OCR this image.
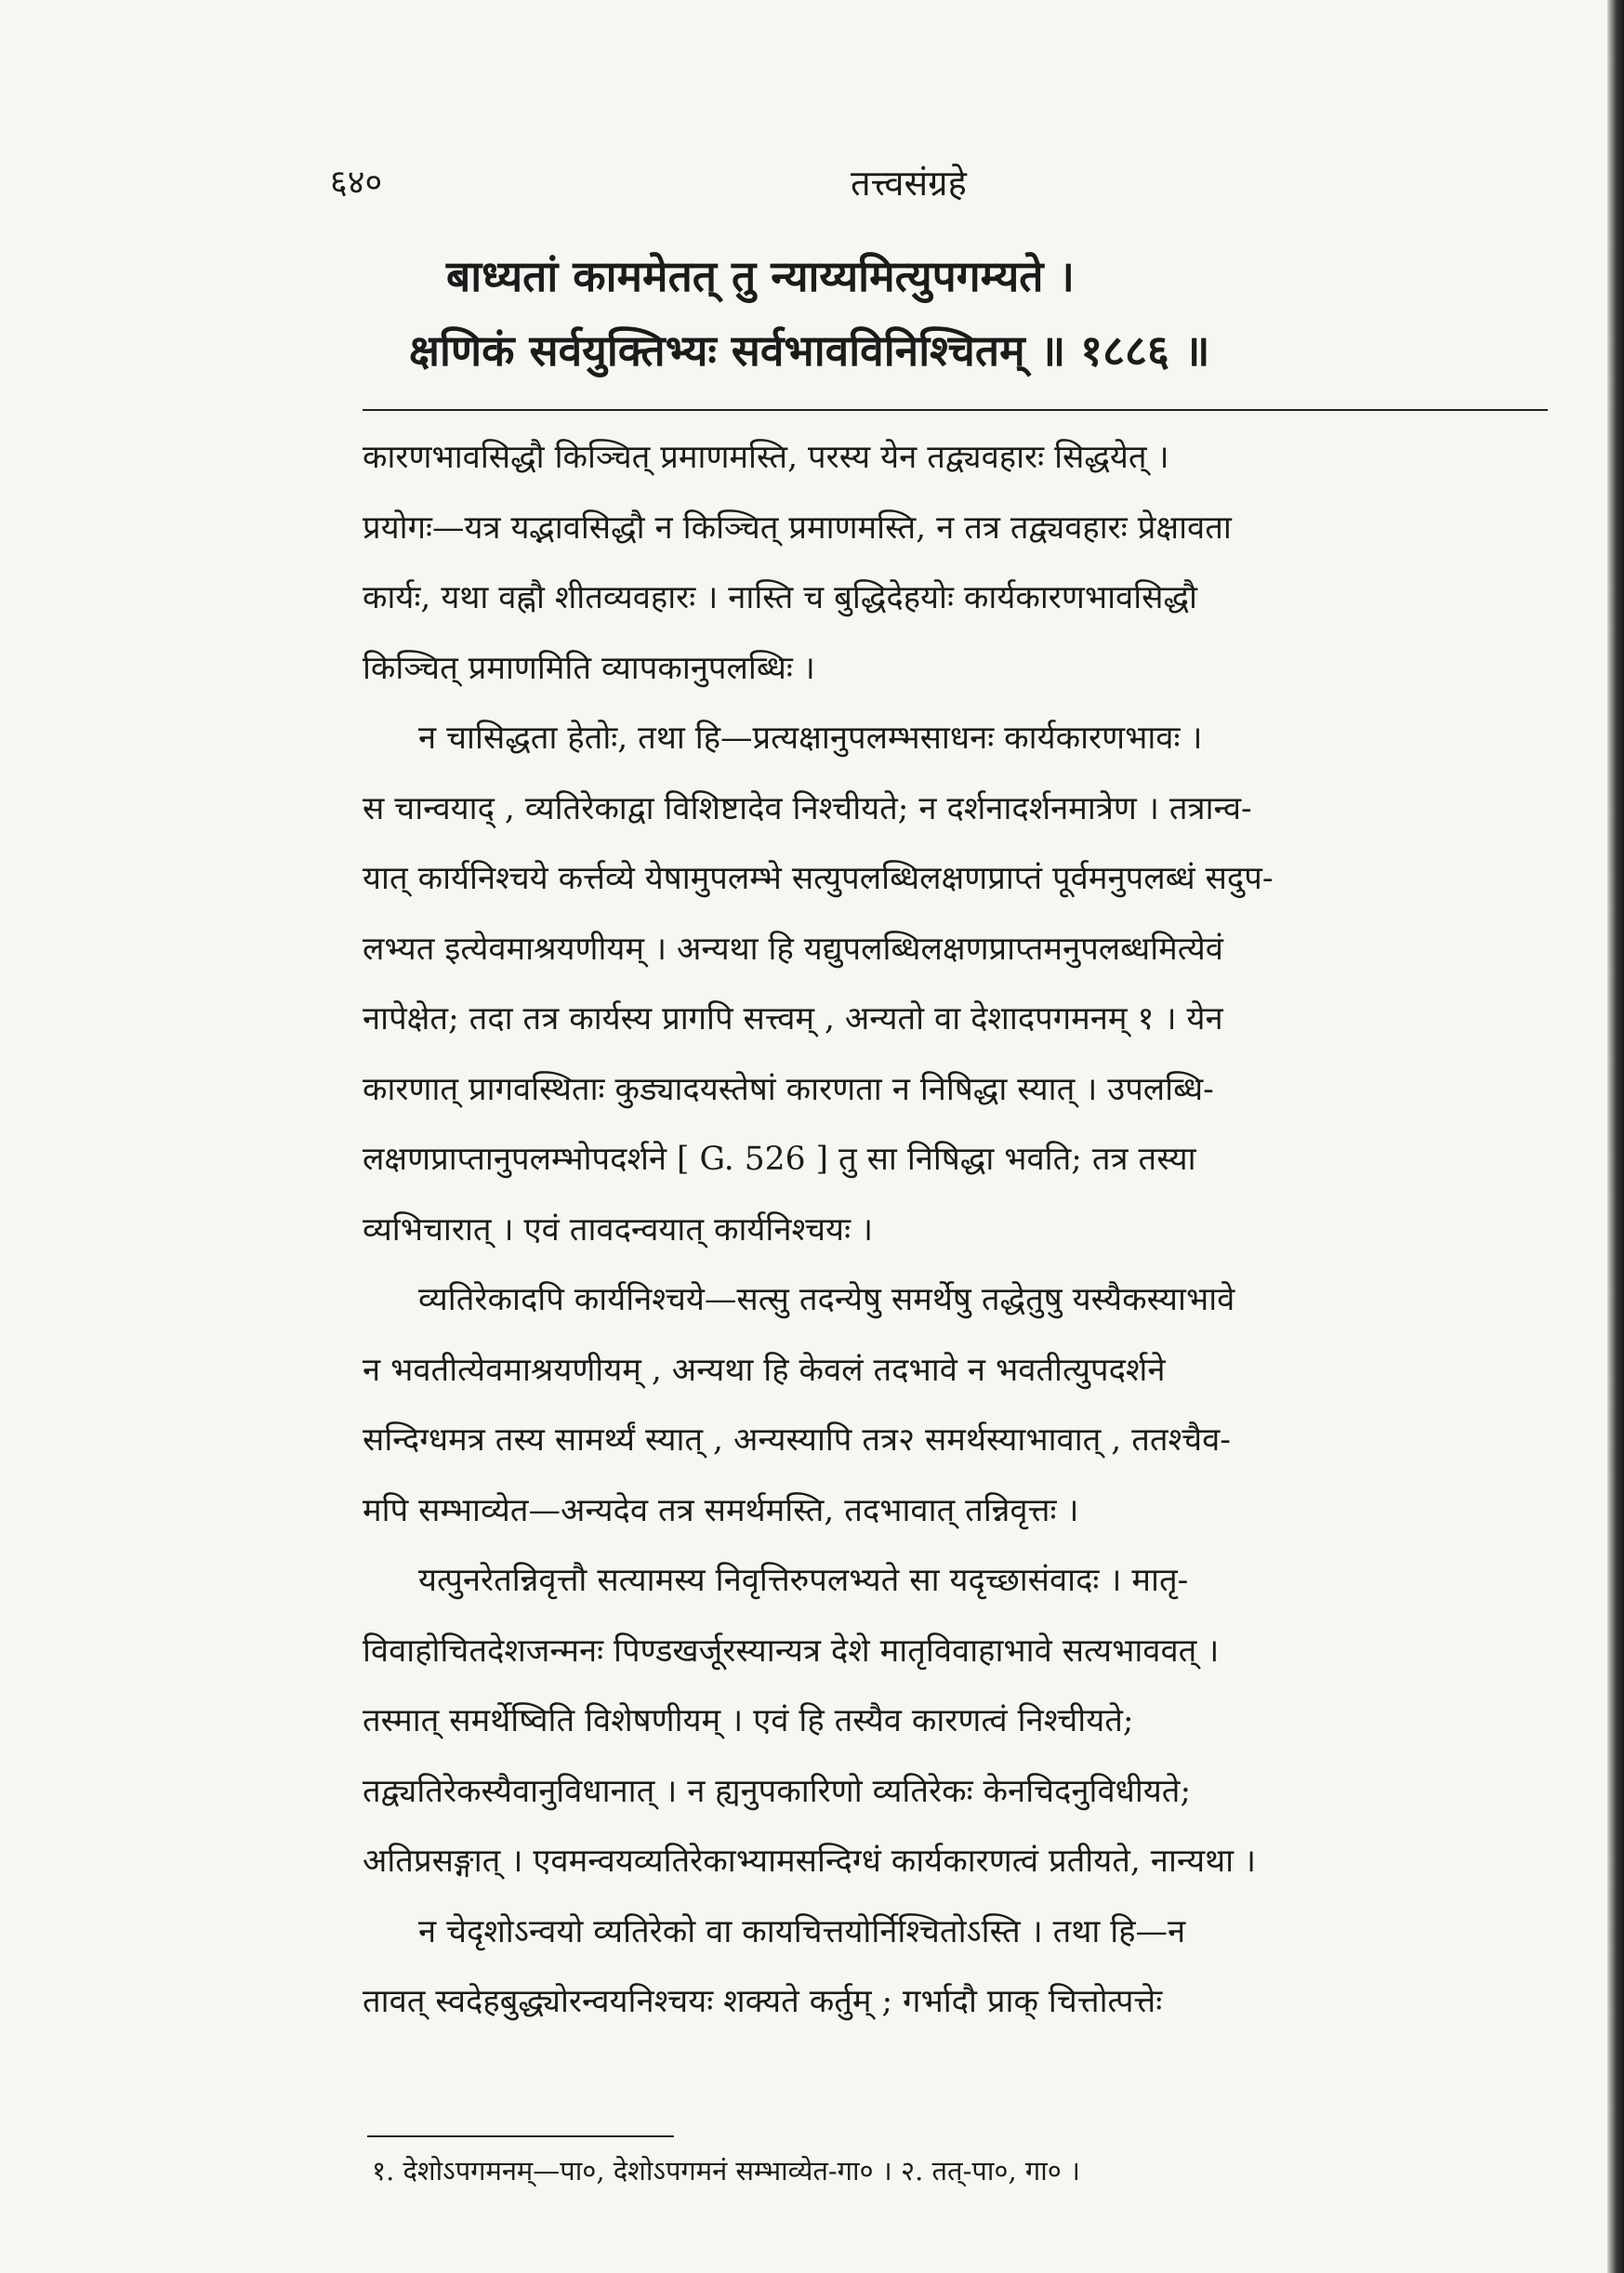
६४०	तत्त्वसंग्रहे
बाध्यतां काममेतत् तु न्याय्यमित्युपगम्यते ।
क्षणिकं सर्वयुक्तिभ्यः सर्वभावविनिश्चितम् ॥ १८८६ ॥
कारणभावसिद्धौ किञ्चित् प्रमाणमस्ति, परस्य येन तद्व्यवहारः सिद्धयेत् ।
प्रयोगः—यत्र यद्भावसिद्धौ न किञ्चित् प्रमाणमस्ति, न तत्र तद्व्यवहारः प्रेक्षावता
कार्यः, यथा वह्नौ शीतव्यवहारः । नास्ति च बुद्धिदेहयोः कार्यकारणभावसिद्धौ
किञ्चित् प्रमाणमिति व्यापकानुपलब्धिः ।
न चासिद्धता हेतोः, तथा हि—प्रत्यक्षानुपलम्भसाधनः कार्यकारणभावः ।
स चान्वयाद् , व्यतिरेकाद्वा विशिष्टादेव निश्चीयते; न दर्शनादर्शनमात्रेण । तत्रान्व-
यात् कार्यनिश्चये कर्त्तव्ये येषामुपलम्भे सत्युपलब्धिलक्षणप्राप्तं पूर्वमनुपलब्धं सदुप-
लभ्यत इत्येवमाश्रयणीयम् । अन्यथा हि यद्युपलब्धिलक्षणप्राप्तमनुपलब्धमित्येवं
नापेक्षेत; तदा तत्र कार्यस्य प्रागपि सत्त्वम् , अन्यतो वा देशादपगमनम् १ । येन
कारणात् प्रागवस्थिताः कुड्यादयस्तेषां कारणता न निषिद्धा स्यात् । उपलब्धि-
लक्षणप्राप्तानुपलम्भोपदर्शने [ G. 526 ] तु सा निषिद्धा भवति; तत्र तस्या
व्यभिचारात् । एवं तावदन्वयात् कार्यनिश्चयः ।
व्यतिरेकादपि कार्यनिश्चये—सत्सु तदन्येषु समर्थेषु तद्धेतुषु यस्यैकस्याभावे
न भवतीत्येवमाश्रयणीयम् , अन्यथा हि केवलं तदभावे न भवतीत्युपदर्शने
सन्दिग्धमत्र तस्य सामर्थ्यं स्यात् , अन्यस्यापि तत्र२ समर्थस्याभावात् , ततश्चैव-
मपि सम्भाव्येत—अन्यदेव तत्र समर्थमस्ति, तदभावात् तन्निवृत्तः ।
यत्पुनरेतन्निवृत्तौ सत्यामस्य निवृत्तिरुपलभ्यते सा यदृच्छासंवादः । मातृ-
विवाहोचितदेशजन्मनः पिण्डखर्जूरस्यान्यत्र देशे मातृविवाहाभावे सत्यभाववत् ।
तस्मात् समर्थेष्विति विशेषणीयम् । एवं हि तस्यैव कारणत्वं निश्चीयते;
तद्व्यतिरेकस्यैवानुविधानात् । न ह्यनुपकारिणो व्यतिरेकः केनचिदनुविधीयते;
अतिप्रसङ्गात् । एवमन्वयव्यतिरेकाभ्यामसन्दिग्धं कार्यकारणत्वं प्रतीयते, नान्यथा ।
न चेदृशोऽन्वयो व्यतिरेको वा कायचित्तयोर्निश्चितोऽस्ति । तथा हि—न
तावत् स्वदेहबुद्ध्योरन्वयनिश्चयः शक्यते कर्तुम् ; गर्भादौ प्राक् चित्तोत्पत्तेः
१. देशोऽपगमनम्—पा०, देशोऽपगमनं सम्भाव्येत-गा० । २. तत्-पा०, गा० ।
